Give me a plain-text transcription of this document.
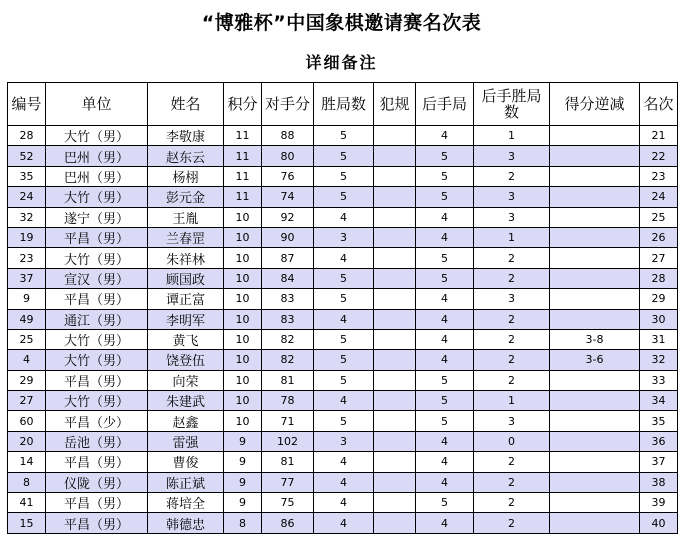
“博雅杯”中国象棋邀请赛名次表
详细备注
编号	单位	姓名	积分	对手分	胜局数	犯规	后手局	后手胜局数	得分逆减	名次
28	大竹（男）	李敬康	11	88	5		4	1		21
52	巴州（男）	赵东云	11	80	5		5	3		22
35	巴州（男）	杨栩	11	76	5		5	2		23
24	大竹（男）	彭元金	11	74	5		5	3		24
32	遂宁（男）	王胤	10	92	4		4	3		25
19	平昌（男）	兰春罡	10	90	3		4	1		26
23	大竹（男）	朱祥林	10	87	4		5	2		27
37	宣汉（男）	顾国政	10	84	5		5	2		28
9	平昌（男）	谭正富	10	83	5		4	3		29
49	通江（男）	李明军	10	83	4		4	2		30
25	大竹（男）	黄飞	10	82	5		4	2	3-8	31
4	大竹（男）	饶登伍	10	82	5		4	2	3-6	32
29	平昌（男）	向荣	10	81	5		5	2		33
27	大竹（男）	朱建武	10	78	4		5	1		34
60	平昌（少）	赵鑫	10	71	5		5	3		35
20	岳池（男）	雷强	9	102	3		4	0		36
14	平昌（男）	曹俊	9	81	4		4	2		37
8	仪陇（男）	陈正斌	9	77	4		4	2		38
41	平昌（男）	蒋培全	9	75	4		5	2		39
15	平昌（男）	韩德忠	8	86	4		4	2		40
